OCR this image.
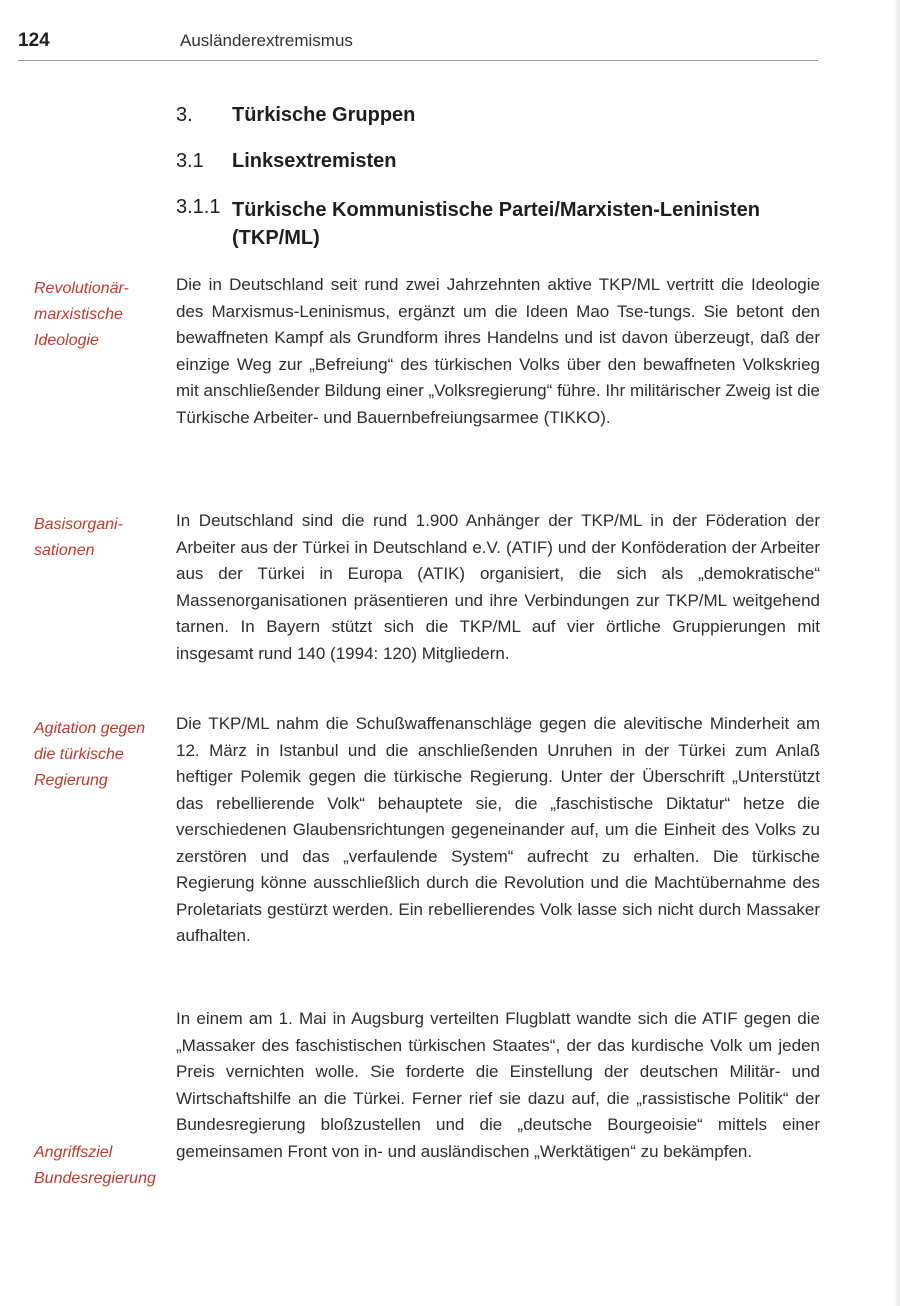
124	Ausländerextremismus
3. Türkische Gruppen
3.1 Linksextremisten
3.1.1 Türkische Kommunistische Partei/Marxisten-Leninisten (TKP/ML)
Revolutionär-marxistische Ideologie
Basisorgani-sationen
Agitation gegen die türkische Regierung
Angriffsziel Bundesregierung

Die in Deutschland seit rund zwei Jahrzehnten aktive TKP/ML vertritt die Ideologie des Marxismus-Leninismus, ergänzt um die Ideen Mao Tse-tungs. Sie betont den bewaffneten Kampf als Grundform ihres Handelns und ist davon überzeugt, daß der einzige Weg zur „Befreiung“ des türkischen Volks über den bewaffneten Volkskrieg mit anschließender Bildung einer „Volksregierung“ führe. Ihr militärischer Zweig ist die Türkische Arbeiter- und Bauernbefreiungsarmee (TIKKO).

In Deutschland sind die rund 1.900 Anhänger der TKP/ML in der Föderation der Arbeiter aus der Türkei in Deutschland e.V. (ATIF) und der Konföderation der Arbeiter aus der Türkei in Europa (ATIK) organisiert, die sich als „demokratische“ Massenorganisationen präsentieren und ihre Verbindungen zur TKP/ML weitgehend tarnen. In Bayern stützt sich die TKP/ML auf vier örtliche Gruppierungen mit insgesamt rund 140 (1994: 120) Mitgliedern.

Die TKP/ML nahm die Schußwaffenanschläge gegen die alevitische Minderheit am 12. März in Istanbul und die anschließenden Unruhen in der Türkei zum Anlaß heftiger Polemik gegen die türkische Regierung. Unter der Überschrift „Unterstützt das rebellierende Volk“ behauptete sie, die „faschistische Diktatur“ hetze die verschiedenen Glaubensrichtungen gegeneinander auf, um die Einheit des Volks zu zerstören und das „verfaulende System“ aufrecht zu erhalten. Die türkische Regierung könne ausschließlich durch die Revolution und die Machtübernahme des Proletariats gestürzt werden. Ein rebellierendes Volk lasse sich nicht durch Massaker aufhalten.

In einem am 1. Mai in Augsburg verteilten Flugblatt wandte sich die ATIF gegen die „Massaker des faschistischen türkischen Staates“, der das kurdische Volk um jeden Preis vernichten wolle. Sie forderte die Einstellung der deutschen Militär- und Wirtschaftshilfe an die Türkei. Ferner rief sie dazu auf, die „rassistische Politik“ der Bundesregierung bloßzustellen und die „deutsche Bourgeoisie“ mittels einer gemeinsamen Front von in- und ausländischen „Werktätigen“ zu bekämpfen.
